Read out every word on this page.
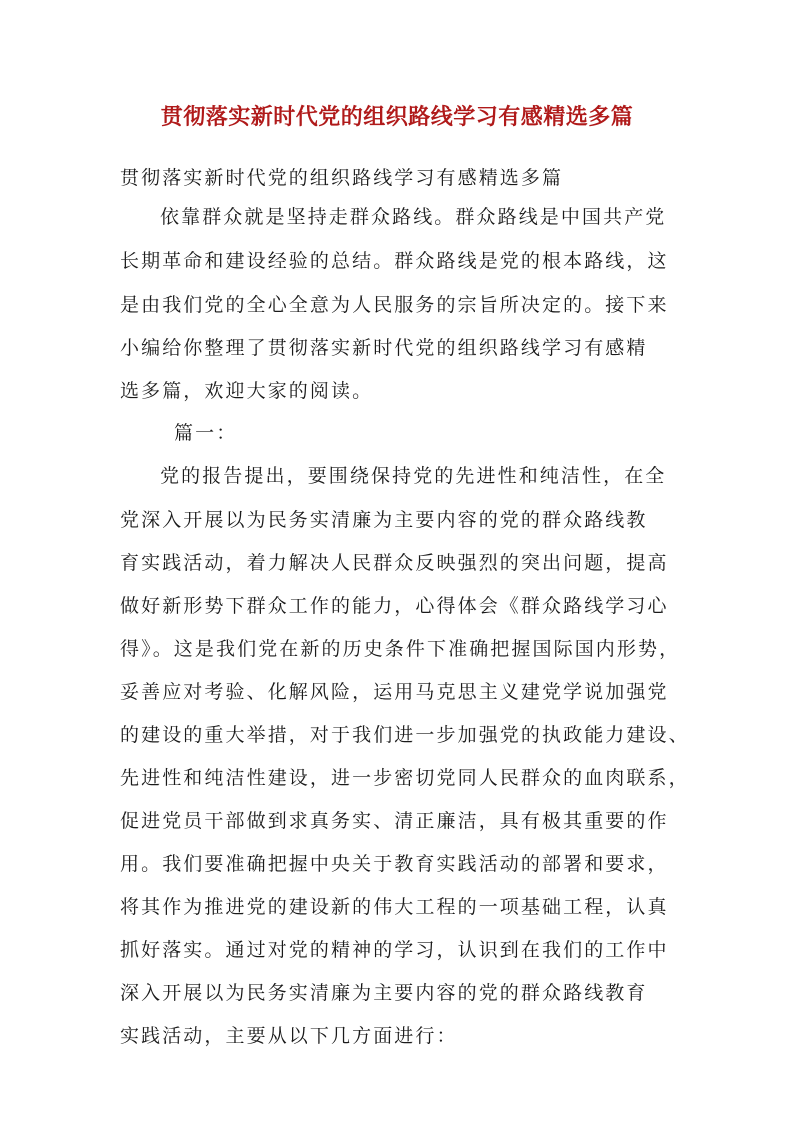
贯彻落实新时代党的组织路线学习有感精选多篇
贯彻落实新时代党的组织路线学习有感精选多篇
依靠群众就是坚持走群众路线。群众路线是中国共产党
长期革命和建设经验的总结。群众路线是党的根本路线，这
是由我们党的全心全意为人民服务的宗旨所决定的。接下来
小编给你整理了贯彻落实新时代党的组织路线学习有感精
选多篇，欢迎大家的阅读。
篇一：
党的报告提出，要围绕保持党的先进性和纯洁性，在全
党深入开展以为民务实清廉为主要内容的党的群众路线教
育实践活动，着力解决人民群众反映强烈的突出问题，提高
做好新形势下群众工作的能力，心得体会《群众路线学习心
得》。这是我们党在新的历史条件下准确把握国际国内形势，
妥善应对考验、化解风险，运用马克思主义建党学说加强党
的建设的重大举措，对于我们进一步加强党的执政能力建设、
先进性和纯洁性建设，进一步密切党同人民群众的血肉联系，
促进党员干部做到求真务实、清正廉洁，具有极其重要的作
用。我们要准确把握中央关于教育实践活动的部署和要求，
将其作为推进党的建设新的伟大工程的一项基础工程，认真
抓好落实。通过对党的精神的学习，认识到在我们的工作中
深入开展以为民务实清廉为主要内容的党的群众路线教育
实践活动，主要从以下几方面进行：
